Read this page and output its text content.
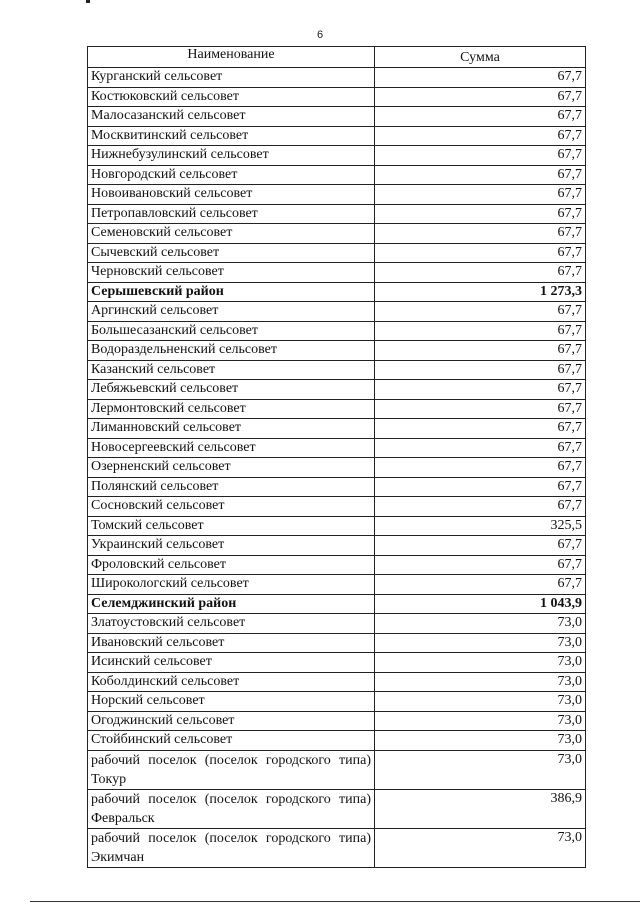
6
Наименование	Сумма
Курганский сельсовет	67,7
Костюковский сельсовет	67,7
Малосазанский сельсовет	67,7
Москвитинский сельсовет	67,7
Нижнебузулинский сельсовет	67,7
Новгородский сельсовет	67,7
Новоивановский сельсовет	67,7
Петропавловский сельсовет	67,7
Семеновский сельсовет	67,7
Сычевский сельсовет	67,7
Черновский сельсовет	67,7
Серышевский район	1 273,3
Аргинский сельсовет	67,7
Большесазанский сельсовет	67,7
Водораздельненский сельсовет	67,7
Казанский сельсовет	67,7
Лебяжьевский сельсовет	67,7
Лермонтовский сельсовет	67,7
Лиманновский сельсовет	67,7
Новосергеевский сельсовет	67,7
Озерненский сельсовет	67,7
Полянский сельсовет	67,7
Сосновский сельсовет	67,7
Томский сельсовет	325,5
Украинский сельсовет	67,7
Фроловский сельсовет	67,7
Широкологский сельсовет	67,7
Селемджинский район	1 043,9
Златоустовский сельсовет	73,0
Ивановский сельсовет	73,0
Исинский сельсовет	73,0
Коболдинский сельсовет	73,0
Норский сельсовет	73,0
Огоджинский сельсовет	73,0
Стойбинский сельсовет	73,0
рабочий поселок (поселок городского типа) Токур	73,0
рабочий поселок (поселок городского типа) Февральск	386,9
рабочий поселок (поселок городского типа) Экимчан	73,0
